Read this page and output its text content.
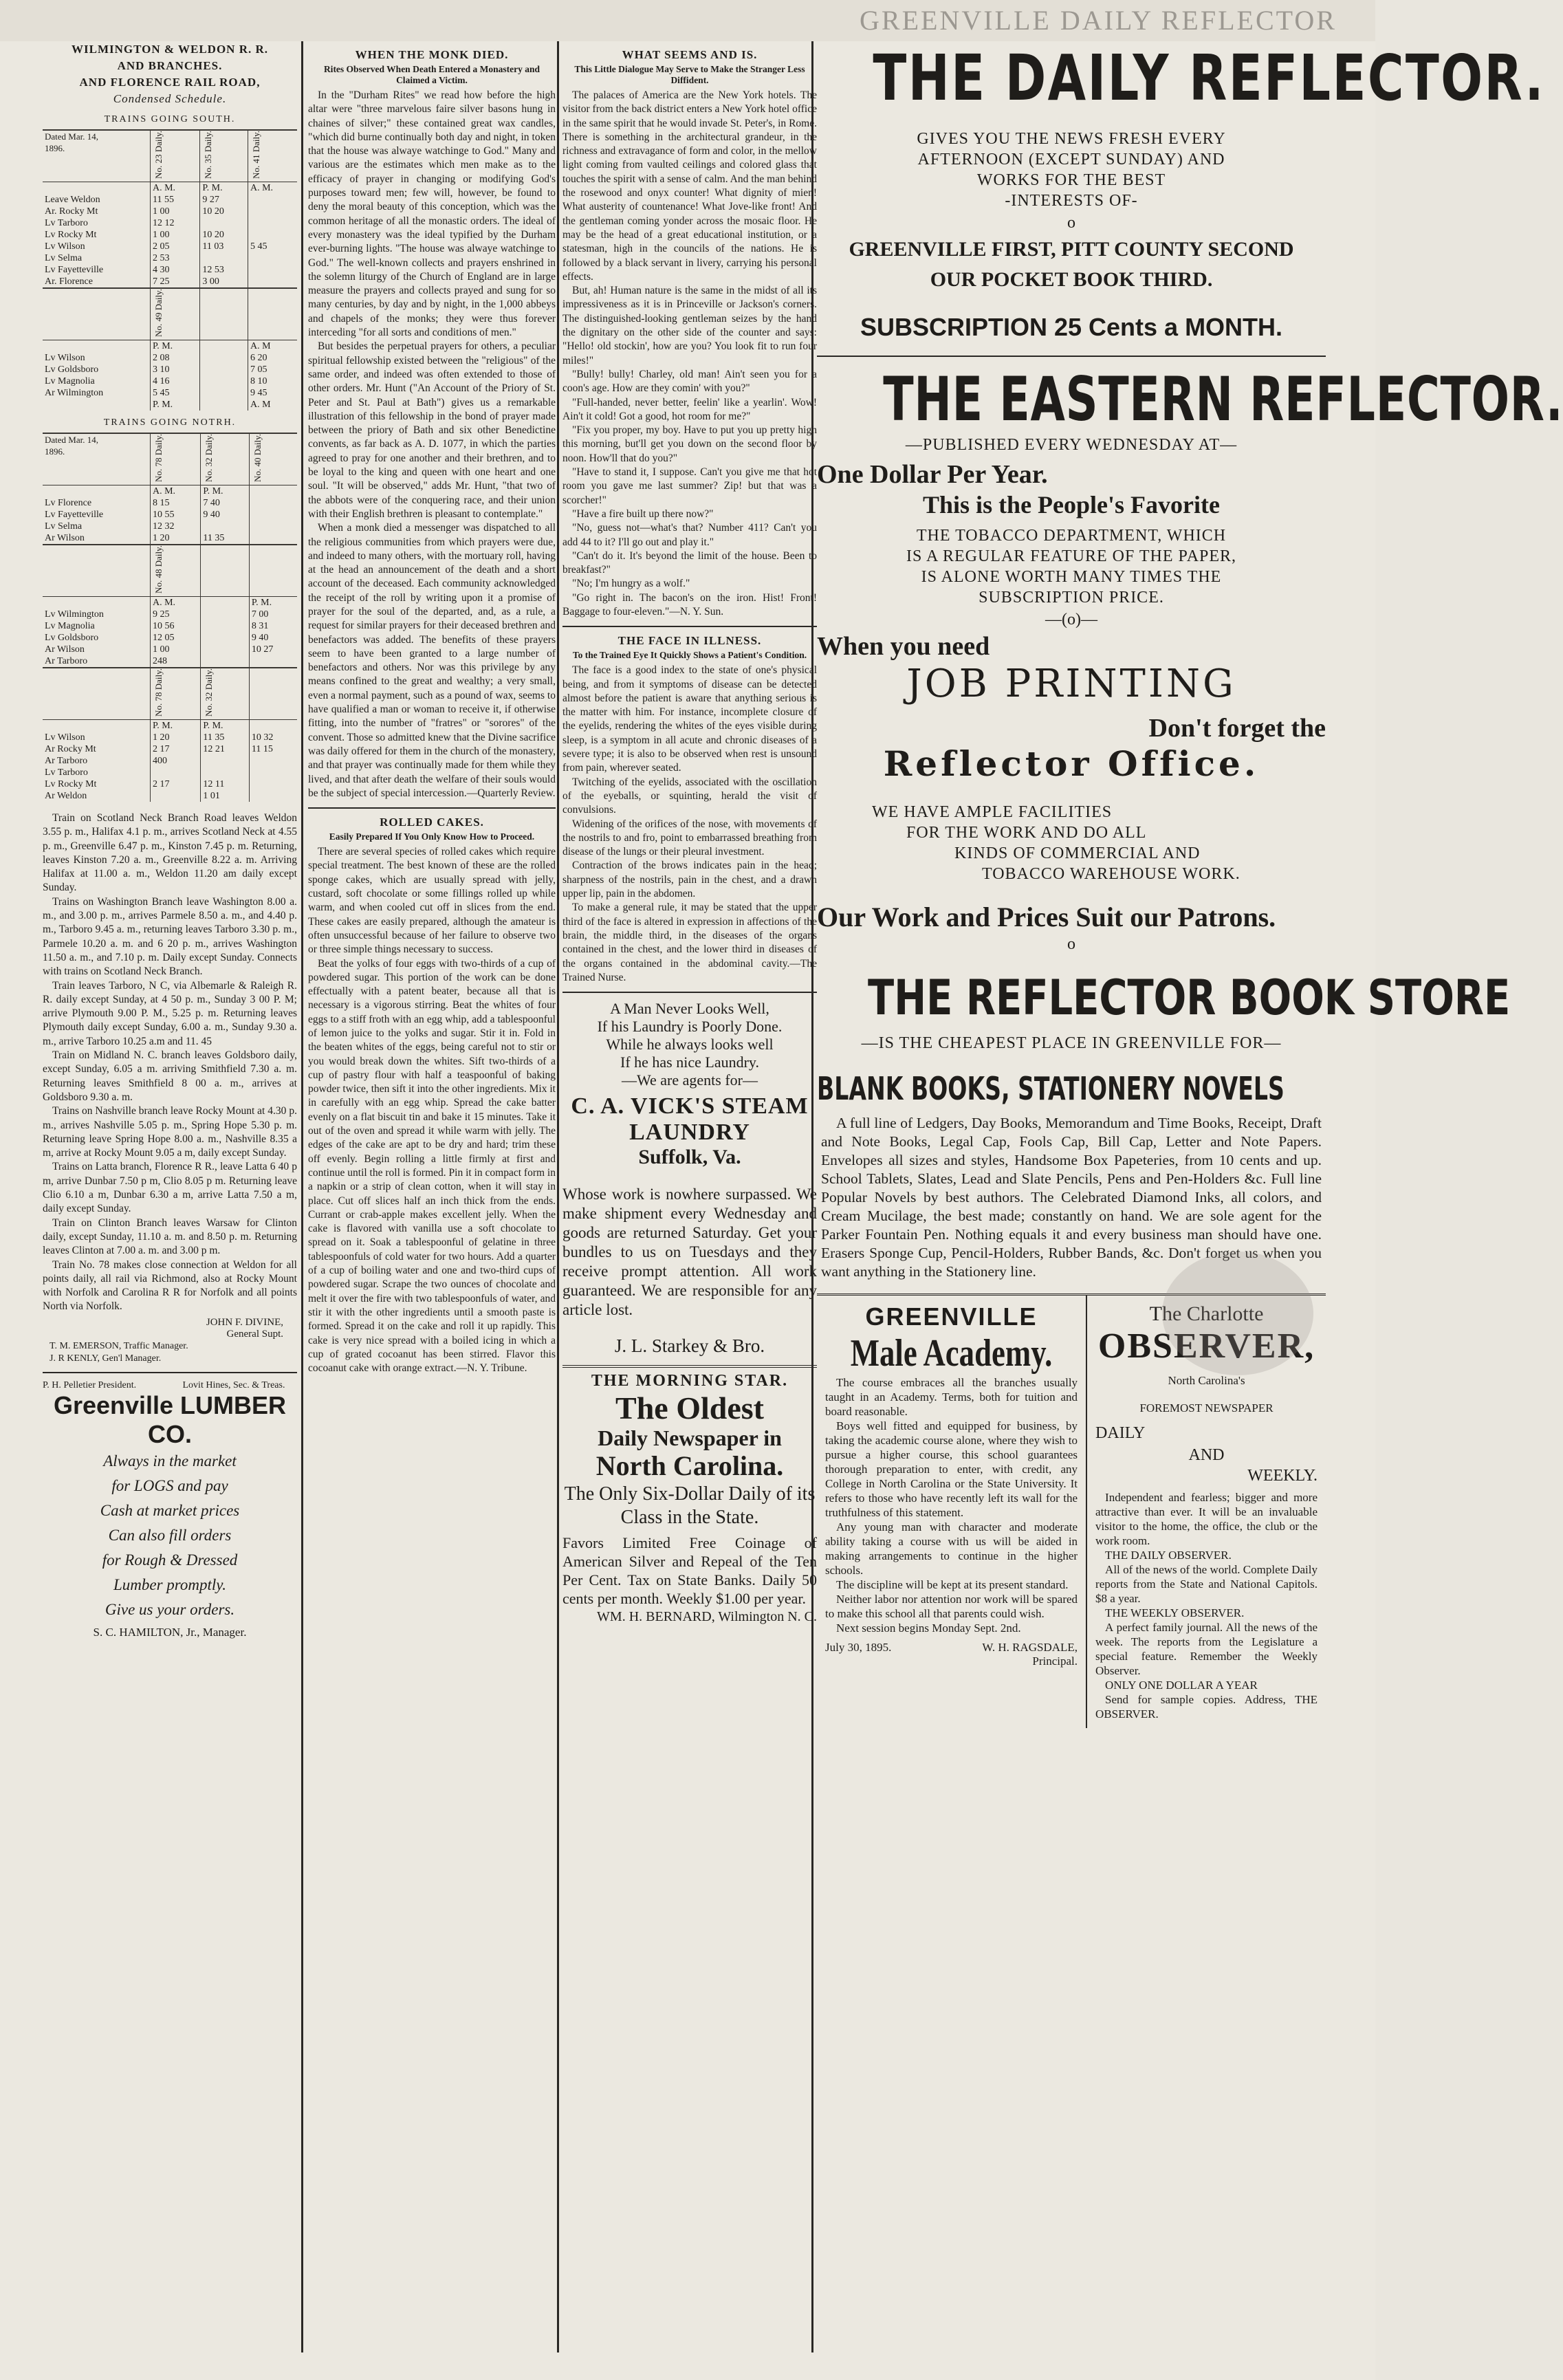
GREENVILLE DAILY REFLECTOR
WILMINGTON & WELDON R. R.
AND BRANCHES.
AND FLORENCE RAIL ROAD,
Condensed Schedule.
TRAINS GOING SOUTH.
Dated Mar. 14, 1896.	No. 23 Daily.	No. 35 Daily.	No. 41 Daily.
	A. M.	P. M.	A. M.
Leave Weldon	11 55	9 27	
Ar. Rocky Mt	1 00	10 20	

Lv Tarboro	12 12		

Lv Rocky Mt	1 00	10 20	
Lv Wilson	2 05	11 03	5 45
Lv Selma	2 53		
Lv Fayetteville	4 30	12 53	
Ar. Florence	7 25	3 00	

	No. 49 Daily.		
	P. M.		A. M
Lv Wilson	2 08		6 20
Lv Goldsboro	3 10		7 05
Lv Magnolia	4 16		8 10
Ar Wilmington	5 45		9 45
	P. M.		A. M
TRAINS GOING NOTRH.
Dated Mar. 14, 1896.	No. 78 Daily.	No. 32 Daily.	No. 40 Daily.
	A. M.	P. M.	
Lv Florence	8 15	7 40	
Lv Fayetteville	10 55	9 40	
Lv Selma	12 32		
Ar Wilson	1 20	11 35	

	No. 48 Daily.		
	A. M.		P. M.
Lv Wilmington	9 25		7 00
Lv Magnolia	10 56		8 31
Lv Goldsboro	12 05		9 40
Ar Wilson	1 00		10 27
Ar Tarboro	248		

	No. 78 Daily.	No. 32 Daily.	
	P. M.	P. M.	
Lv Wilson	1 20	11 35	10 32
Ar Rocky Mt	2 17	12 21	11 15

Ar Tarboro	400		
Lv Tarboro			
Lv Rocky Mt	2 17	12 11	
Ar Weldon		1 01	

Train on Scotland Neck Branch Road leaves Weldon 3.55 p. m., Halifax 4.1 p. m., arrives Scotland Neck at 4.55 p. m., Greenville 6.47 p. m., Kinston 7.45 p. m. Returning, leaves Kinston 7.20 a. m., Greenville 8.22 a. m. Arriving Halifax at 11.00 a. m., Weldon 11.20 am daily except Sunday.

Trains on Washington Branch leave Washington 8.00 a. m., and 3.00 p. m., arrives Parmele 8.50 a. m., and 4.40 p. m., Tarboro 9.45 a. m., returning leaves Tarboro 3.30 p. m., Parmele 10.20 a. m. and 6 20 p. m., arrives Washington 11.50 a. m., and 7.10 p. m. Daily except Sunday. Connects with trains on Scotland Neck Branch.

Train leaves Tarboro, N C, via Albemarle & Raleigh R. R. daily except Sunday, at 4 50 p. m., Sunday 3 00 P. M; arrive Plymouth 9.00 P. M., 5.25 p. m. Returning leaves Plymouth daily except Sunday, 6.00 a. m., Sunday 9.30 a. m., arrive Tarboro 10.25 a.m and 11. 45

Train on Midland N. C. branch leaves Goldsboro daily, except Sunday, 6.05 a m. arriving Smithfield 7.30 a. m. Returning leaves Smithfield 8 00 a. m., arrives at Goldsboro 9.30 a. m.

Trains on Nashville branch leave Rocky Mount at 4.30 p. m., arrives Nashville 5.05 p. m., Spring Hope 5.30 p. m. Returning leave Spring Hope 8.00 a. m., Nashville 8.35 a m, arrive at Rocky Mount 9.05 a m, daily except Sunday.

Trains on Latta branch, Florence R R., leave Latta 6 40 p m, arrive Dunbar 7.50 p m, Clio 8.05 p m. Returning leave Clio 6.10 a m, Dunbar 6.30 a m, arrive Latta 7.50 a m, daily except Sunday.

Train on Clinton Branch leaves Warsaw for Clinton daily, except Sunday, 11.10 a. m. and 8.50 p. m. Returning leaves Clinton at 7.00 a. m. and 3.00 p m.

Train No. 78 makes close connection at Weldon for all points daily, all rail via Richmond, also at Rocky Mount with Norfolk and Carolina R R for Norfolk and all points North via Norfolk.

JOHN F. DIVINE,
General Supt.
T. M. EMERSON, Traffic Manager.
J. R KENLY, Gen'l Manager.
P. H. Pelletier President.	Lovit Hines, Sec. & Treas.
Greenville LUMBER CO.
Always in the market
for LOGS and pay
Cash at market prices
Can also fill orders
for Rough & Dressed
Lumber promptly.
Give us your orders.
S. C. HAMILTON, Jr., Manager.
WHEN THE MONK DIED.
Rites Observed When Death Entered a Monastery and Claimed a Victim.

In the "Durham Rites" we read how before the high altar were "three marvelous faire silver basons hung in chaines of silver;" these contained great wax candles, "which did burne continually both day and night, in token that the house was alwaye watchinge to God." Many and various are the estimates which men make as to the efficacy of prayer in changing or modifying God's purposes toward men; few will, however, be found to deny the moral beauty of this conception, which was the common heritage of all the monastic orders. The ideal of every monastery was the ideal typified by the Durham ever-burning lights. "The house was alwaye watchinge to God." The well-known collects and prayers enshrined in the solemn liturgy of the Church of England are in large measure the prayers and collects prayed and sung for so many centuries, by day and by night, in the 1,000 abbeys and chapels of the monks; they were thus forever interceding "for all sorts and conditions of men."

But besides the perpetual prayers for others, a peculiar spiritual fellowship existed between the "religious" of the same order, and indeed was often extended to those of other orders. Mr. Hunt ("An Account of the Priory of St. Peter and St. Paul at Bath") gives us a remarkable illustration of this fellowship in the bond of prayer made between the priory of Bath and six other Benedictine convents, as far back as A. D. 1077, in which the parties agreed to pray for one another and their brethren, and to be loyal to the king and queen with one heart and one soul. "It will be observed," adds Mr. Hunt, "that two of the abbots were of the conquering race, and their union with their English brethren is pleasant to contemplate."

When a monk died a messenger was dispatched to all the religious communities from which prayers were due, and indeed to many others, with the mortuary roll, having at the head an announcement of the death and a short account of the deceased. Each community acknowledged the receipt of the roll by writing upon it a promise of prayer for the soul of the departed, and, as a rule, a request for similar prayers for their deceased brethren and benefactors was added. The benefits of these prayers seem to have been granted to a large number of benefactors and others. Nor was this privilege by any means confined to the great and wealthy; a very small, even a normal payment, such as a pound of wax, seems to have qualified a man or woman to receive it, if otherwise fitting, into the number of "fratres" or "sorores" of the convent. Those so admitted knew that the Divine sacrifice was daily offered for them in the church of the monastery, and that prayer was continually made for them while they lived, and that after death the welfare of their souls would be the subject of special intercession.—Quarterly Review.

ROLLED CAKES.
Easily Prepared If You Only Know How to Proceed.

There are several species of rolled cakes which require special treatment. The best known of these are the rolled sponge cakes, which are usually spread with jelly, custard, soft chocolate or some fillings rolled up while warm, and when cooled cut off in slices from the end. These cakes are easily prepared, although the amateur is often unsuccessful because of her failure to observe two or three simple things necessary to success.

Beat the yolks of four eggs with two-thirds of a cup of powdered sugar. This portion of the work can be done effectually with a patent beater, because all that is necessary is a vigorous stirring. Beat the whites of four eggs to a stiff froth with an egg whip, add a tablespoonful of lemon juice to the yolks and sugar. Stir it in. Fold in the beaten whites of the eggs, being careful not to stir or you would break down the whites. Sift two-thirds of a cup of pastry flour with half a teaspoonful of baking powder twice, then sift it into the other ingredients. Mix it in carefully with an egg whip. Spread the cake batter evenly on a flat biscuit tin and bake it 15 minutes. Take it out of the oven and spread it while warm with jelly. The edges of the cake are apt to be dry and hard; trim these off evenly. Begin rolling a little firmly at first and continue until the roll is formed. Pin it in compact form in a napkin or a strip of clean cotton, when it will stay in place. Cut off slices half an inch thick from the ends. Currant or crab-apple makes excellent jelly. When the cake is flavored with vanilla use a soft chocolate to spread on it. Soak a tablespoonful of gelatine in three tablespoonfuls of cold water for two hours. Add a quarter of a cup of boiling water and one and two-third cups of powdered sugar. Scrape the two ounces of chocolate and melt it over the fire with two tablespoonfuls of water, and stir it with the other ingredients until a smooth paste is formed. Spread it on the cake and roll it up rapidly. This cake is very nice spread with a boiled icing in which a cup of grated cocoanut has been stirred. Flavor this cocoanut cake with orange extract.—N. Y. Tribune.

WHAT SEEMS AND IS.
This Little Dialogue May Serve to Make the Stranger Less Diffident.

The palaces of America are the New York hotels. The visitor from the back district enters a New York hotel office in the same spirit that he would invade St. Peter's, in Rome. There is something in the architectural grandeur, in the richness and extravagance of form and color, in the mellow light coming from vaulted ceilings and colored glass that touches the spirit with a sense of calm. And the man behind the rosewood and onyx counter! What dignity of mien! What austerity of countenance! What Jove-like front! And the gentleman coming yonder across the mosaic floor. He may be the head of a great educational institution, or a statesman, high in the councils of the nations. He is followed by a black servant in livery, carrying his personal effects.

But, ah! Human nature is the same in the midst of all its impressiveness as it is in Princeville or Jackson's corners. The distinguished-looking gentleman seizes by the hand the dignitary on the other side of the counter and says: "Hello! old stockin', how are you? You look fit to run four miles!"

"Bully! bully! Charley, old man! Ain't seen you for a coon's age. How are they comin' with you?"

"Full-handed, never better, feelin' like a yearlin'. Wow! Ain't it cold! Got a good, hot room for me?"

"Fix you proper, my boy. Have to put you up pretty high this morning, but'll get you down on the second floor by noon. How'll that do you?"

"Have to stand it, I suppose. Can't you give me that hot room you gave me last summer? Zip! but that was a scorcher!"

"Have a fire built up there now?"

"No, guess not—what's that? Number 411? Can't you add 44 to it? I'll go out and play it."

"Can't do it. It's beyond the limit of the house. Been to breakfast?"

"No; I'm hungry as a wolf."

"Go right in. The bacon's on the iron. Hist! Front! Baggage to four-eleven."—N. Y. Sun.

THE FACE IN ILLNESS.
To the Trained Eye It Quickly Shows a Patient's Condition.

The face is a good index to the state of one's physical being, and from it symptoms of disease can be detected almost before the patient is aware that anything serious is the matter with him. For instance, incomplete closure of the eyelids, rendering the whites of the eyes visible during sleep, is a symptom in all acute and chronic diseases of a severe type; it is also to be observed when rest is unsound from pain, wherever seated.

Twitching of the eyelids, associated with the oscillation of the eyeballs, or squinting, herald the visit of convulsions.

Widening of the orifices of the nose, with movements of the nostrils to and fro, point to embarrassed breathing from disease of the lungs or their pleural investment.

Contraction of the brows indicates pain in the head; sharpness of the nostrils, pain in the chest, and a drawn upper lip, pain in the abdomen.

To make a general rule, it may be stated that the upper third of the face is altered in expression in affections of the brain, the middle third, in the diseases of the organs contained in the chest, and the lower third in diseases of the organs contained in the abdominal cavity.—The Trained Nurse.

A Man Never Looks Well,
If his Laundry is Poorly Done.
While he always looks well
If he has nice Laundry.
—We are agents for—
C. A. VICK'S STEAM LAUNDRY
Suffolk, Va.

Whose work is nowhere surpassed. We make shipment every Wednesday and goods are returned Saturday. Get your bundles to us on Tuesdays and they receive prompt attention. All work guaranteed. We are responsible for any article lost.

J. L. Starkey & Bro.
THE MORNING STAR.
The Oldest
Daily Newspaper in
North Carolina.
The Only Six-Dollar Daily of its Class in the State.
Favors Limited Free Coinage of American Silver and Repeal of the Ten Per Cent. Tax on State Banks. Daily 50 cents per month. Weekly $1.00 per year.
WM. H. BERNARD, Wilmington N. C.
THE DAILY REFLECTOR.
GIVES YOU THE NEWS FRESH EVERY
AFTERNOON (EXCEPT SUNDAY) AND
WORKS FOR THE BEST
-INTERESTS OF-
o
GREENVILLE FIRST, PITT COUNTY SECOND
OUR POCKET BOOK THIRD.
SUBSCRIPTION 25 Cents a MONTH.
THE EASTERN REFLECTOR.
—PUBLISHED EVERY WEDNESDAY AT—
One Dollar Per Year.
This is the People's Favorite
THE TOBACCO DEPARTMENT, WHICH
IS A REGULAR FEATURE OF THE PAPER,
IS ALONE WORTH MANY TIMES THE
SUBSCRIPTION PRICE.
—(o)—
When you need
JOB PRINTING
Don't forget the
Reflector Office.
WE HAVE AMPLE FACILITIES
FOR THE WORK AND DO ALL
KINDS OF COMMERCIAL AND
TOBACCO WAREHOUSE WORK.
Our Work and Prices Suit our Patrons.
o
THE REFLECTOR BOOK STORE
—IS THE CHEAPEST PLACE IN GREENVILLE FOR—
BLANK BOOKS, STATIONERY NOVELS

A full line of Ledgers, Day Books, Memorandum and Time Books, Receipt, Draft and Note Books, Legal Cap, Fools Cap, Bill Cap, Letter and Note Papers. Envelopes all sizes and styles, Handsome Box Papeteries, from 10 cents and up. School Tablets, Slates, Lead and Slate Pencils, Pens and Pen-Holders &c. Full line Popular Novels by best authors. The Celebrated Diamond Inks, all colors, and Cream Mucilage, the best made; constantly on hand. We are sole agent for the Parker Fountain Pen. Nothing equals it and every business man should have one. Erasers Sponge Cup, Pencil-Holders, Rubber Bands, &c. Don't forget us when you want anything in the Stationery line.

GREENVILLE
Male Academy.

The course embraces all the branches usually taught in an Academy. Terms, both for tuition and board reasonable.

Boys well fitted and equipped for business, by taking the academic course alone, where they wish to pursue a higher course, this school guarantees thorough preparation to enter, with credit, any College in North Carolina or the State University. It refers to those who have recently left its wall for the truthfulness of this statement.

Any young man with character and moderate ability taking a course with us will be aided in making arrangements to continue in the higher schools.

The discipline will be kept at its present standard.

Neither labor nor attention nor work will be spared to make this school all that parents could wish.

Next session begins Monday Sept. 2nd.

July 30, 1895.	W. H. RAGSDALE,
Principal.
The Charlotte
OBSERVER,
North Carolina's
FOREMOST NEWSPAPER
DAILY
AND
WEEKLY.

Independent and fearless; bigger and more attractive than ever. It will be an invaluable visitor to the home, the office, the club or the work room.

THE DAILY OBSERVER.

All of the news of the world. Complete Daily reports from the State and National Capitols. $8 a year.

THE WEEKLY OBSERVER.

A perfect family journal. All the news of the week. The reports from the Legislature a special feature. Remember the Weekly Observer.

ONLY ONE DOLLAR A YEAR

Send for sample copies. Address, THE OBSERVER.
